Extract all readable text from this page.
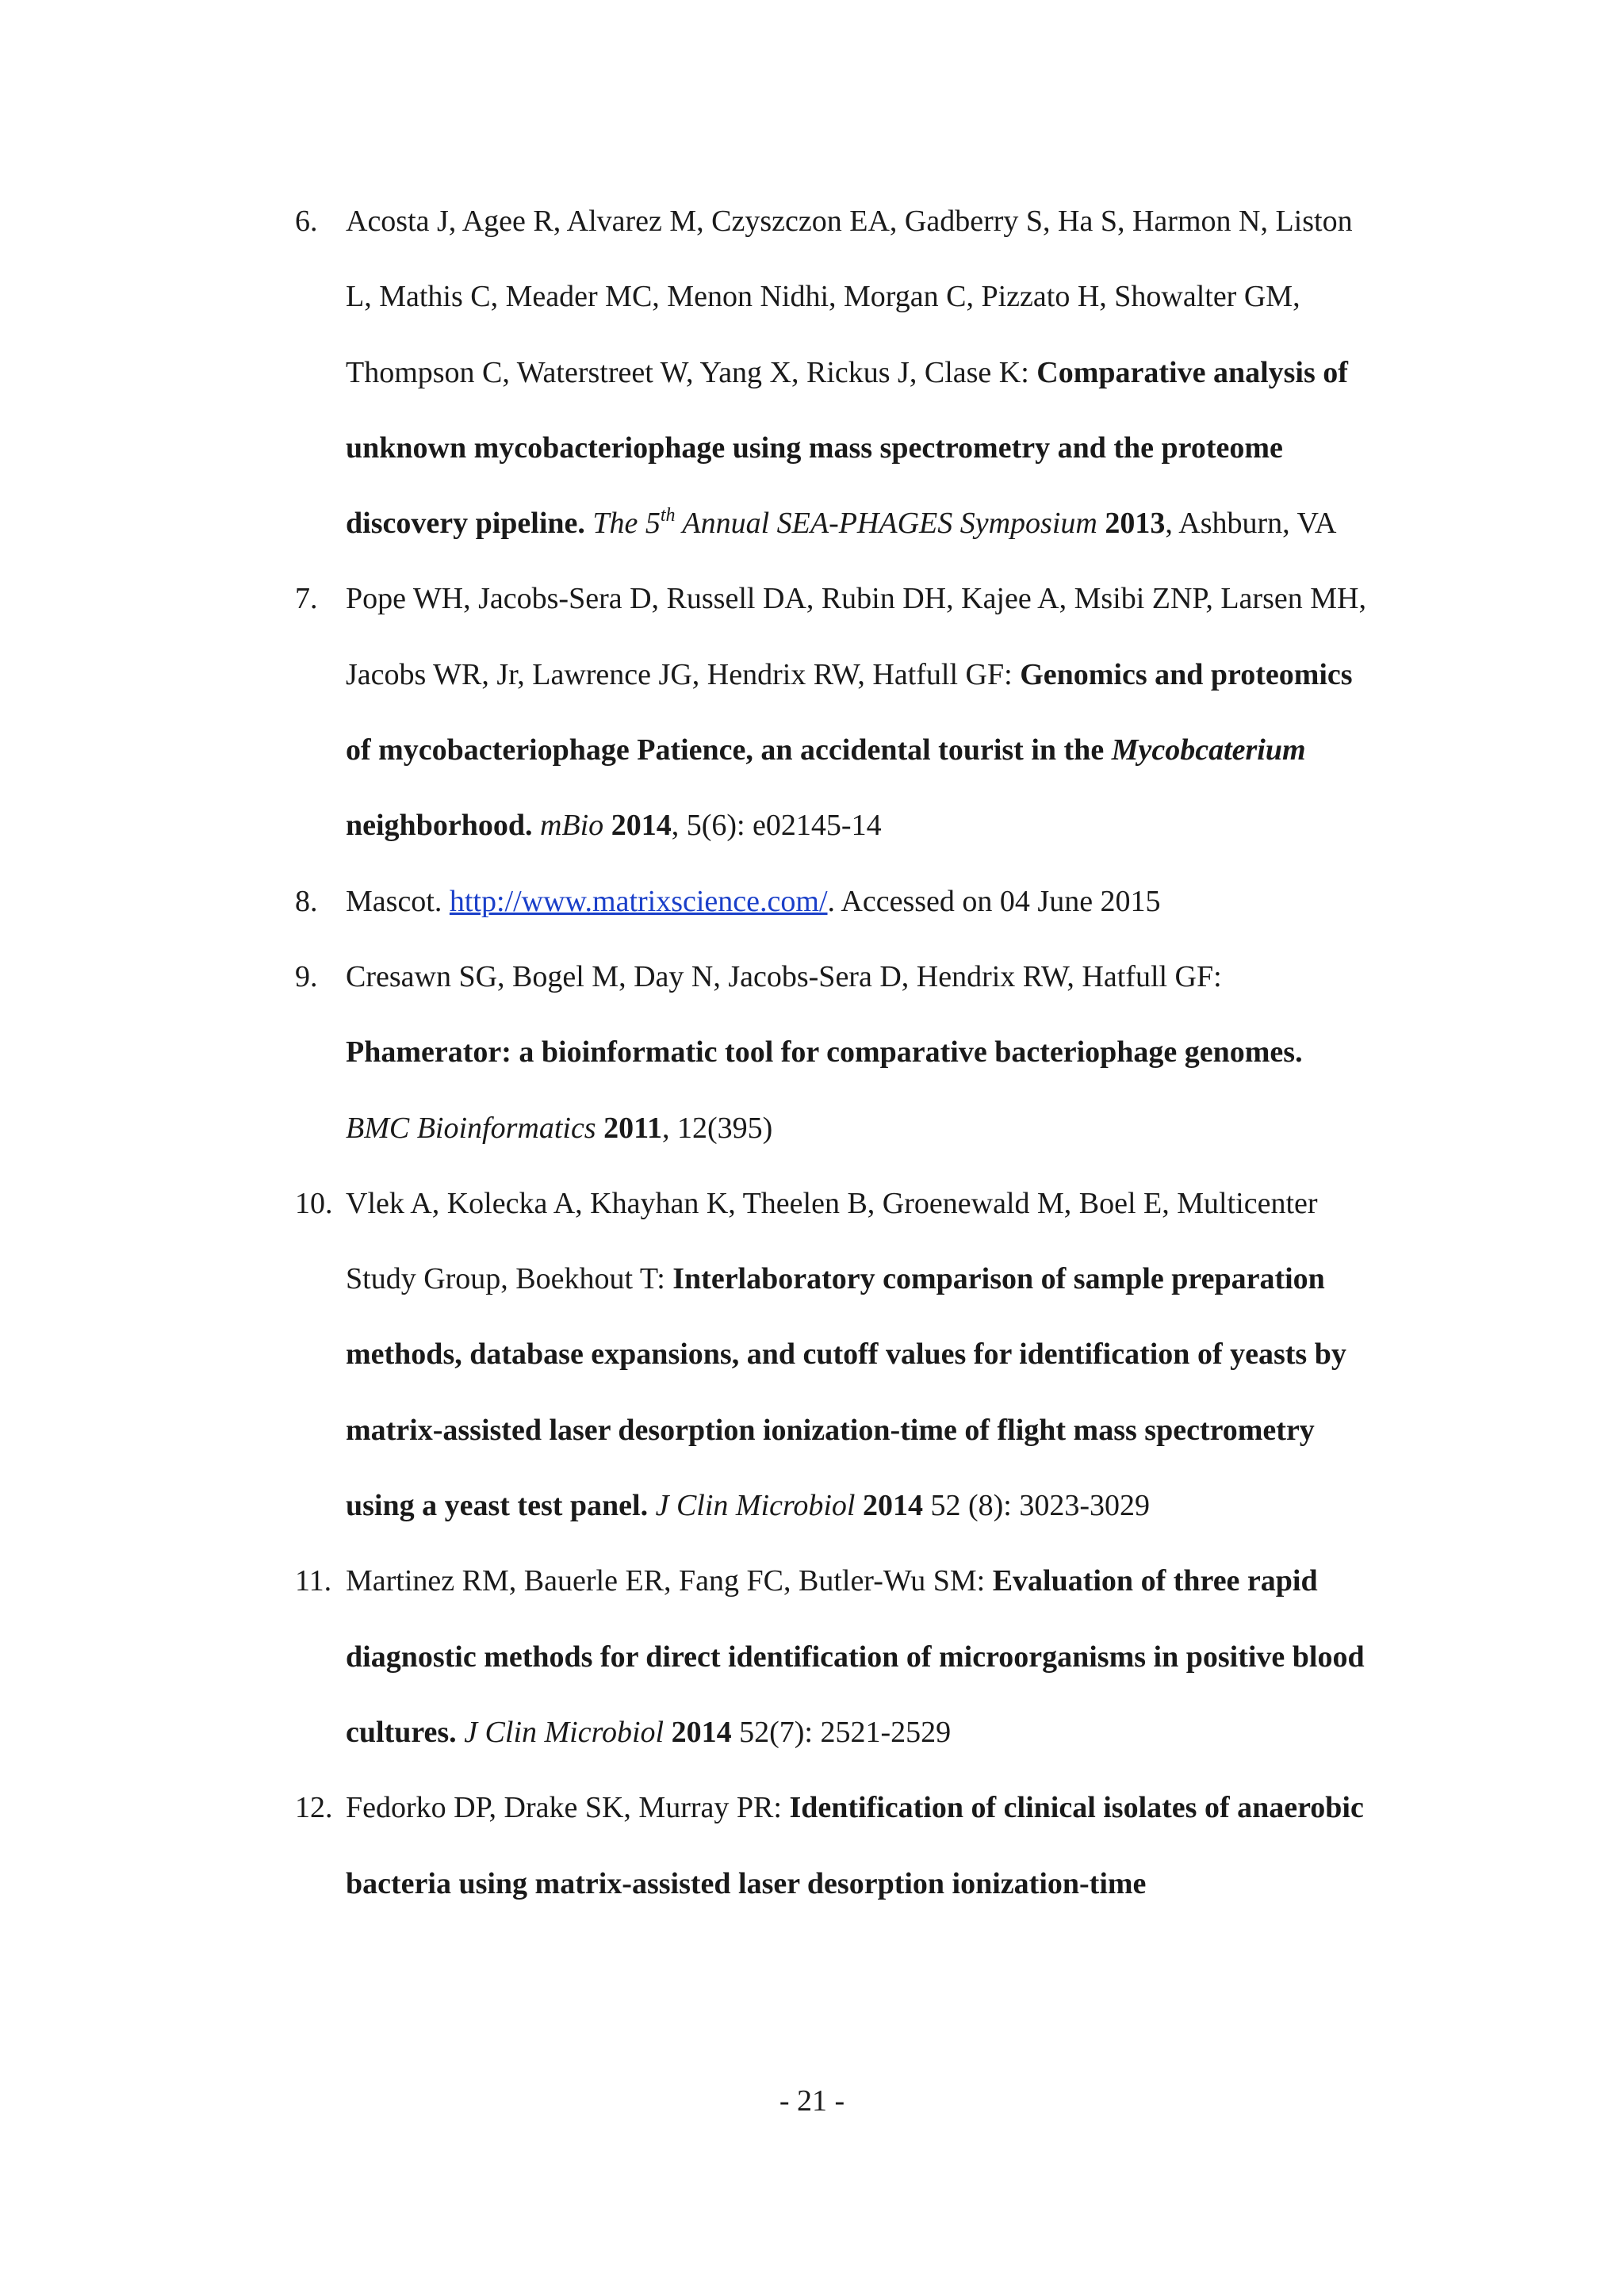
6. Acosta J, Agee R, Alvarez M, Czyszczon EA, Gadberry S, Ha S, Harmon N, Liston L, Mathis C, Meader MC, Menon Nidhi, Morgan C, Pizzato H, Showalter GM, Thompson C, Waterstreet W, Yang X, Rickus J, Clase K: Comparative analysis of unknown mycobacteriophage using mass spectrometry and the proteome discovery pipeline. The 5th Annual SEA-PHAGES Symposium 2013, Ashburn, VA
7. Pope WH, Jacobs-Sera D, Russell DA, Rubin DH, Kajee A, Msibi ZNP, Larsen MH, Jacobs WR, Jr, Lawrence JG, Hendrix RW, Hatfull GF: Genomics and proteomics of mycobacteriophage Patience, an accidental tourist in the Mycobcaterium neighborhood. mBio 2014, 5(6): e02145-14
8. Mascot. http://www.matrixscience.com/. Accessed on 04 June 2015
9. Cresawn SG, Bogel M, Day N, Jacobs-Sera D, Hendrix RW, Hatfull GF: Phamerator: a bioinformatic tool for comparative bacteriophage genomes. BMC Bioinformatics 2011, 12(395)
10. Vlek A, Kolecka A, Khayhan K, Theelen B, Groenewald M, Boel E, Multicenter Study Group, Boekhout T: Interlaboratory comparison of sample preparation methods, database expansions, and cutoff values for identification of yeasts by matrix-assisted laser desorption ionization-time of flight mass spectrometry using a yeast test panel. J Clin Microbiol 2014 52 (8): 3023-3029
11. Martinez RM, Bauerle ER, Fang FC, Butler-Wu SM: Evaluation of three rapid diagnostic methods for direct identification of microorganisms in positive blood cultures. J Clin Microbiol 2014 52(7): 2521-2529
12. Fedorko DP, Drake SK, Murray PR: Identification of clinical isolates of anaerobic bacteria using matrix-assisted laser desorption ionization-time
- 21 -
